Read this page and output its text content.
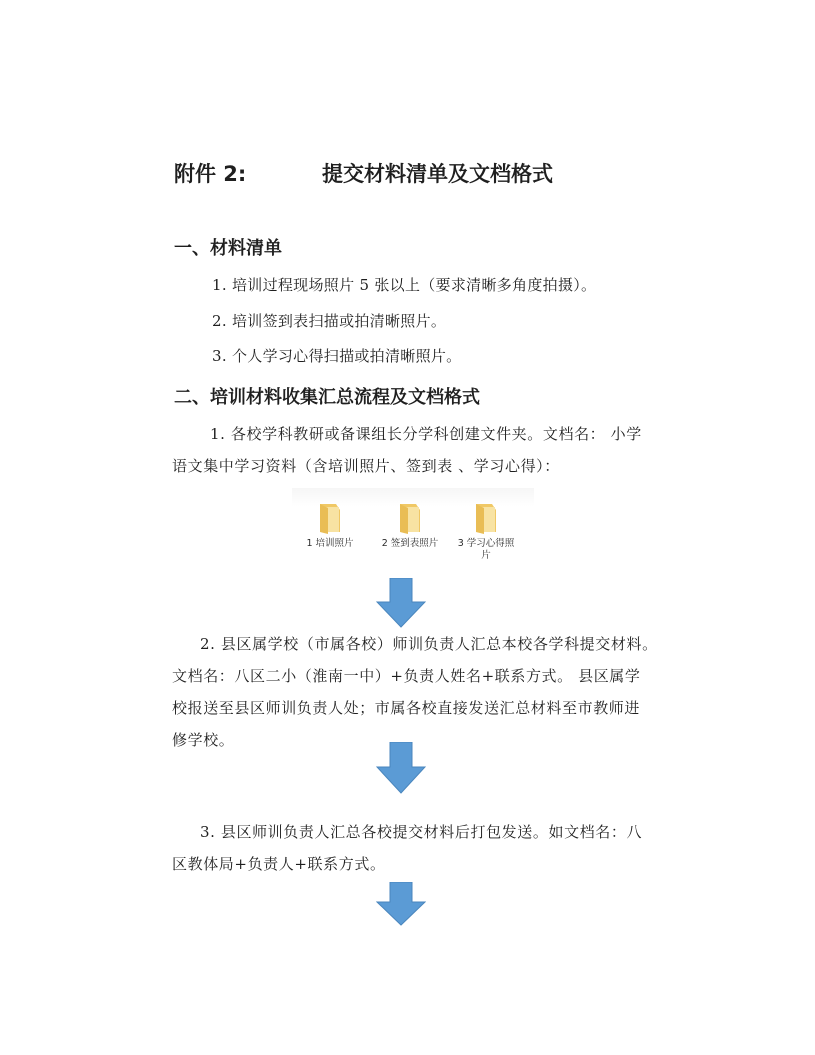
附件 2:	提交材料清单及文档格式
一、材料清单
1. 培训过程现场照片 5 张以上（要求清晰多角度拍摄）。
2. 培训签到表扫描或拍清晰照片。
3. 个人学习心得扫描或拍清晰照片。
二、培训材料收集汇总流程及文档格式
1. 各校学科教研或备课组长分学科创建文件夹。文档名： 小学
语文集中学习资料（含培训照片、签到表 、学习心得）：
1 培训照片	2 签到表照片 3 学习心得照片
2. 县区属学校（市属各校）师训负责人汇总本校各学科提交材料。
文档名：八区二小（淮南一中）+负责人姓名+联系方式。 县区属学
校报送至县区师训负责人处；市属各校直接发送汇总材料至市教师进
修学校。
3. 县区师训负责人汇总各校提交材料后打包发送。如文档名：八
区教体局+负责人+联系方式。
